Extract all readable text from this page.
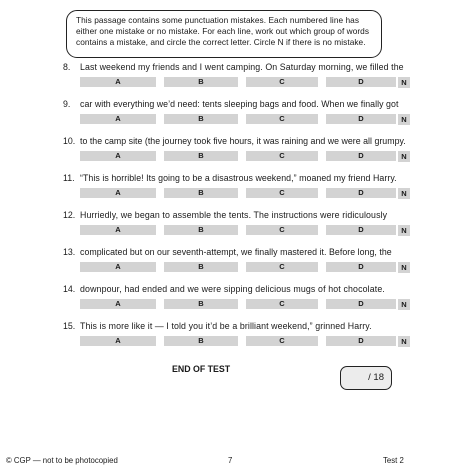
This passage contains some punctuation mistakes. Each numbered line has either one mistake or no mistake. For each line, work out which group of words contains a mistake, and circle the correct letter. Circle N if there is no mistake.
8. Last weekend my friends and I went camping. On Saturday morning, we filled the
A	B	C	D	N
9. car with everything we’d need: tents sleeping bags and food. When we finally got
A	B	C	D	N
10. to the camp site (the journey took five hours, it was raining and we were all grumpy.
A	B	C	D	N
11. “This is horrible! Its going to be a disastrous weekend,” moaned my friend Harry.
A	B	C	D	N
12. Hurriedly, we began to assemble the tents. The instructions were ridiculously
A	B	C	D	N
13. complicated but on our seventh-attempt, we finally mastered it. Before long, the
A	B	C	D	N
14. downpour, had ended and we were sipping delicious mugs of hot chocolate.
A	B	C	D	N
15. This is more like it — I told you it’d be a brilliant weekend,” grinned Harry.
A	B	C	D	N
END OF TEST
/ 18
© CGP — not to be photocopied	7	Test 2
